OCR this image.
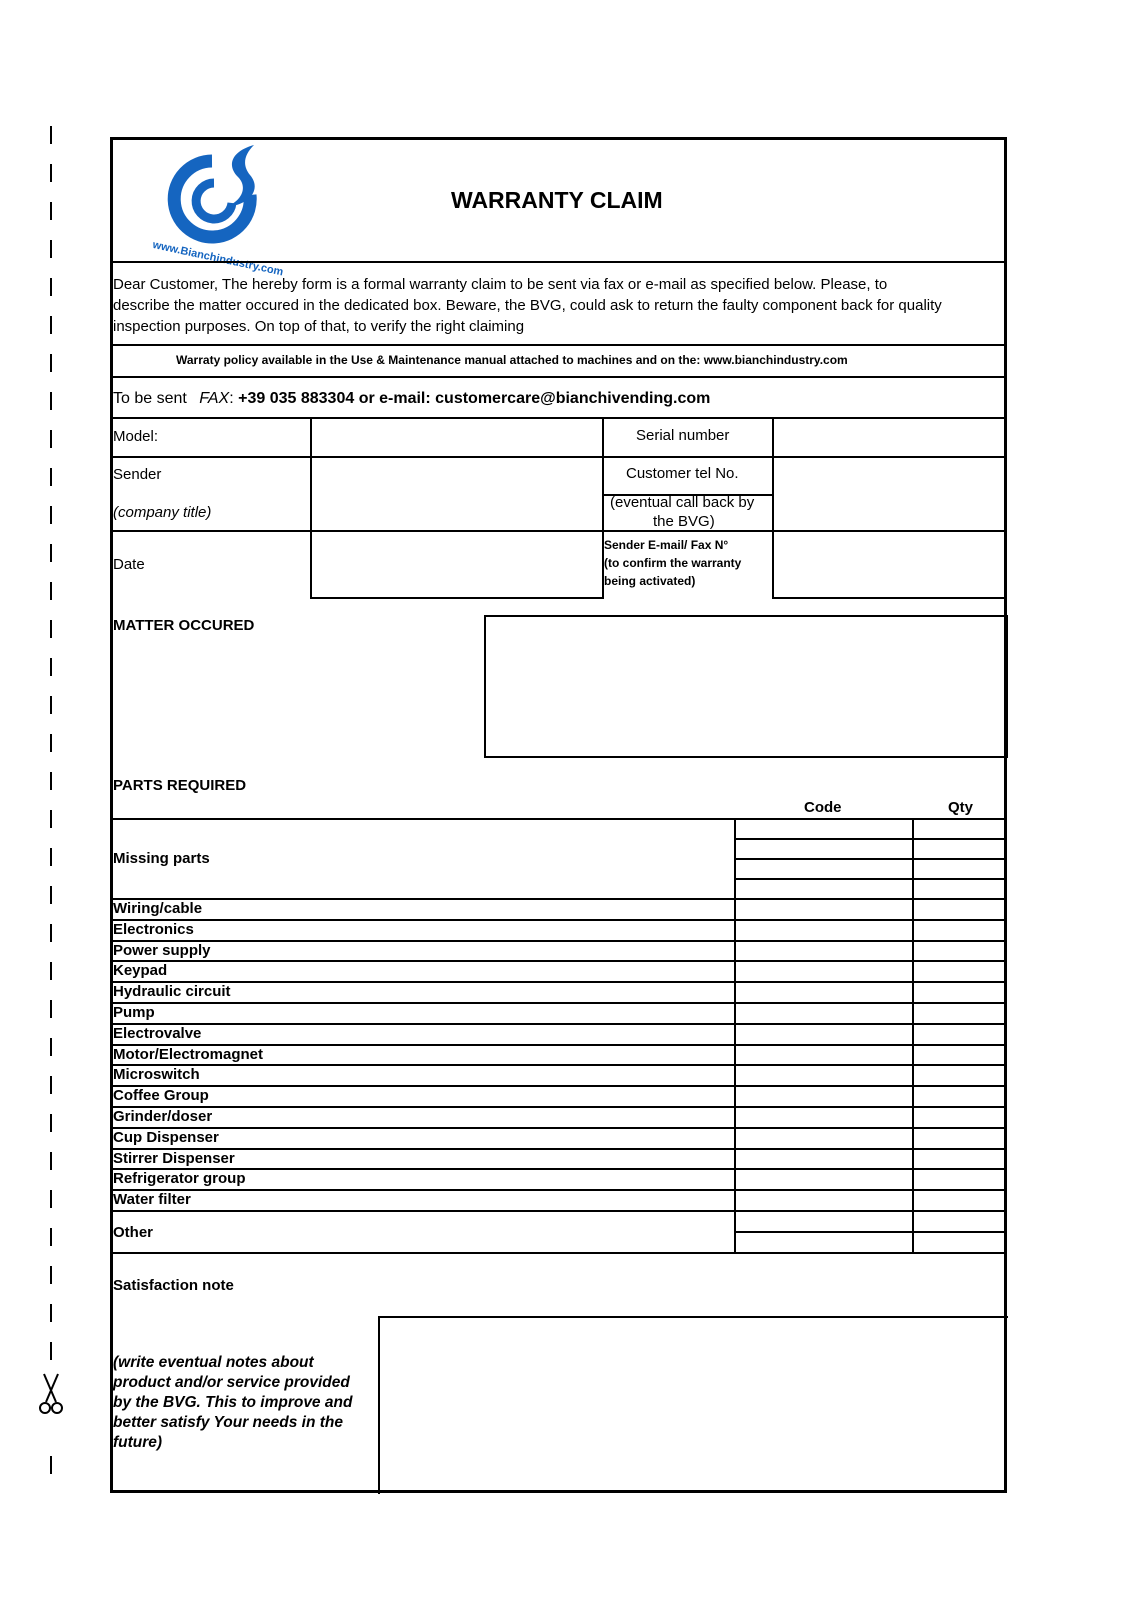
www.Bianchindustry.com
WARRANTY CLAIM
Dear Customer, The hereby form is a formal warranty claim to be sent via fax or e-mail as specified below. Please, to
describe the matter occured in the dedicated box. Beware, the BVG, could ask to return the faulty component back for quality
inspection purposes. On top of that, to verify the right claiming
Warraty policy available in the Use & Maintenance manual attached to machines and on the: www.bianchindustry.com
To be sent FAX: +39 035 883304 or e-mail: customercare@bianchivending.com
Model:	Serial number
Sender
(company title)
Customer tel No.
(eventual call back by
the BVG)
Date
Sender E-mail/ Fax N°
(to confirm the warranty
being activated)
MATTER OCCURED
PARTS REQUIRED
Code	Qty
Missing parts
Wiring/cable
Electronics
Power supply
Keypad
Hydraulic circuit
Pump
Electrovalve
Motor/Electromagnet
Microswitch
Coffee Group
Grinder/doser
Cup Dispenser
Stirrer Dispenser
Refrigerator group
Water filter
Other
Satisfaction note
(write eventual notes about
product and/or service provided
by the BVG. This to improve and
better satisfy Your needs in the
future)
